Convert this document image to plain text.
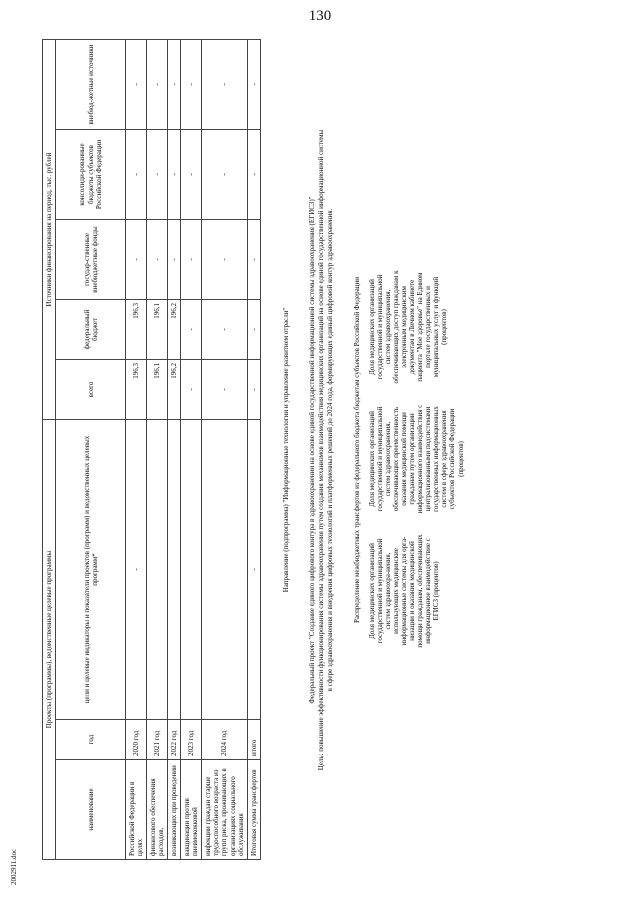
130
Проекты (программы), ведомственные целевые программы			Источники финансирования на период, тыс. рублей				
наименование	год	цели и целевые индикаторы и показатели проектов (программ) и ведомственных целевых программ*	всего	федеральный бюджет	государ-ственные внебюджетные фонды	консолиди-рованные бюджеты субъектов Российской Федерации	внебюд-жетные источники
Российской Федерации в целях	2020 год	-	196,3	196,3	-	-	-
финансового обеспечения расходов,	2021 год		196,1	196,1	-	-	-
возникающих при проведении	2022 год		196,2	196,2	-	-	-
вакцинации против пневмококковой	2023 год		-	-	-	-	-
инфекции граждан старше трудоспособного возраста из групп риска, проживающих в организациях социального обслуживания	2024 год		-	-	-	-	-
Итоговая сумма трансфертов	итого	-	-	-	-	-	-
Направление (подпрограмма) "Информационные технологии и управление развитием отрасли"	Федеральный проект "Создание единого цифрового контура в здравоохранении на основе единой государственной информационной системы здравоохранения (ЕГИСЗ)" Цель: повышение эффективности функционирования системы здравоохранения путем создания механизмов взаимодействия медицинских организаций на основе единой государственной информационной системы в сфере здравоохранения и внедрения цифровых технологий и платформенных решений до 2024 года, формирующих единый цифровой контур здравоохранения.	Распределение межбюджетных трансфертов из федерального бюджета бюджетам субъектов Российской Федерации Доля медицинских организаций государственной и муниципальной систем здравоохра-нения, использующих медицинские информационные системы для орга-низации и оказания медицинской помощи гражданам, обеспечивающих информационное взаимодействие с ЕГИСЗ (процентов)
Доля медицинских организаций государственной и муниципальной систем здравоохранения, обеспечивающих преемственность оказания медицинской помощи гражданам путем организации информационного взаимодействия с централизованными подсистемами государственных информационных систем в сфере здравоохранения субъектов Российской Федерации (процентов)
Доля медицинских организаций государственной и муниципальной систем здравоохранения, обеспечивающих доступ гражданам к электронным медицинским документам в Личном кабинете пациента "Мое здоровье" на Едином портале государственных и муниципальных услуг и функций (процентов)
2002911.doc
